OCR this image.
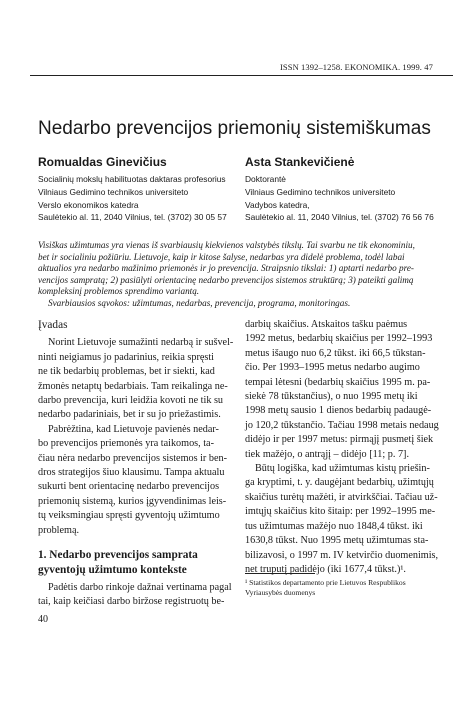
ISSN 1392–1258. EKONOMIKA. 1999. 47
Nedarbo prevencijos priemonių sistemiškumas
Romualdas Ginevičius
Socialinių mokslų habilituotas daktaras profesorius
Vilniaus Gedimino technikos universiteto
Verslo ekonomikos katedra
Saulėtekio al. 11, 2040 Vilnius, tel. (3702) 30 05 57
Asta Stankevičienė
Doktorantė
Vilniaus Gedimino technikos universiteto
Vadybos katedra,
Saulėtekio al. 11, 2040 Vilnius, tel. (3702) 76 56 76

Visiškas užimtumas yra vienas iš svarbiausių kiekvienos valstybės tikslų. Tai svarbu ne tik ekonominiu,

bet ir socialiniu požiūriu. Lietuvoje, kaip ir kitose šalyse, nedarbas yra didelė problema, todėl labai

aktualios yra nedarbo mažinimo priemonės ir jo prevencija. Straipsnio tikslai: 1) aptarti nedarbo pre-

vencijos sampratą; 2) pasiūlyti orientacinę nedarbo prevencijos sistemos struktūrą; 3) pateikti galimą

kompleksinį problemos sprendimo variantą.

Svarbiausios sąvokos: užimtumas, nedarbas, prevencija, programa, monitoringas.

Įvadas
Norint Lietuvoje sumažinti nedarbą ir sušvel-
ninti neigiamus jo padarinius, reikia spręsti
ne tik bedarbių problemas, bet ir siekti, kad
žmonės netaptų bedarbiais. Tam reikalinga ne-
darbo prevencija, kuri leidžia kovoti ne tik su
nedarbo padariniais, bet ir su jo priežastimis.
Pabrėžtina, kad Lietuvoje pavienės nedar-
bo prevencijos priemonės yra taikomos, ta-
čiau nėra nedarbo prevencijos sistemos ir ben-
dros strategijos šiuo klausimu. Tampa aktualu
sukurti bent orientacinę nedarbo prevencijos
priemonių sistemą, kurios įgyvendinimas leis-
tų veiksmingiau spręsti gyventojų užimtumo
problemą.
1. Nedarbo prevencijos samprata
gyventojų užimtumo kontekste
Padėtis darbo rinkoje dažnai vertinama pagal
tai, kaip keičiasi darbo biržose registruotų be-
darbių skaičius. Atskaitos tašku paėmus
1992 metus, bedarbių skaičius per 1992–1993
metus išaugo nuo 6,2 tūkst. iki 66,5 tūkstan-
čio. Per 1993–1995 metus nedarbo augimo
tempai lėtesni (bedarbių skaičius 1995 m. pa-
siekė 78 tūkstančius), o nuo 1995 metų iki
1998 metų sausio 1 dienos bedarbių padaugė-
jo 120,2 tūkstančio. Tačiau 1998 metais nedaug
didėjo ir per 1997 metus: pirmąjį pusmetį šiek
tiek mažėjo, o antrąjį – didėjo [11; p. 7].
Būtų logiška, kad užimtumas kistų priešin-
ga kryptimi, t. y. daugėjant bedarbių, užimtųjų
skaičius turėtų mažėti, ir atvirkščiai. Tačiau už-
imtųjų skaičius kito šitaip: per 1992–1995 me-
tus užimtumas mažėjo nuo 1848,4 tūkst. iki
1630,8 tūkst. Nuo 1995 metų užimtumas sta-
bilizavosi, o 1997 m. IV ketvirčio duomenimis,
net truputį padidėjo (iki 1677,4 tūkst.)¹.
¹ Statistikos departamento prie Lietuvos Respublikos
Vyriausybės duomenys
40
